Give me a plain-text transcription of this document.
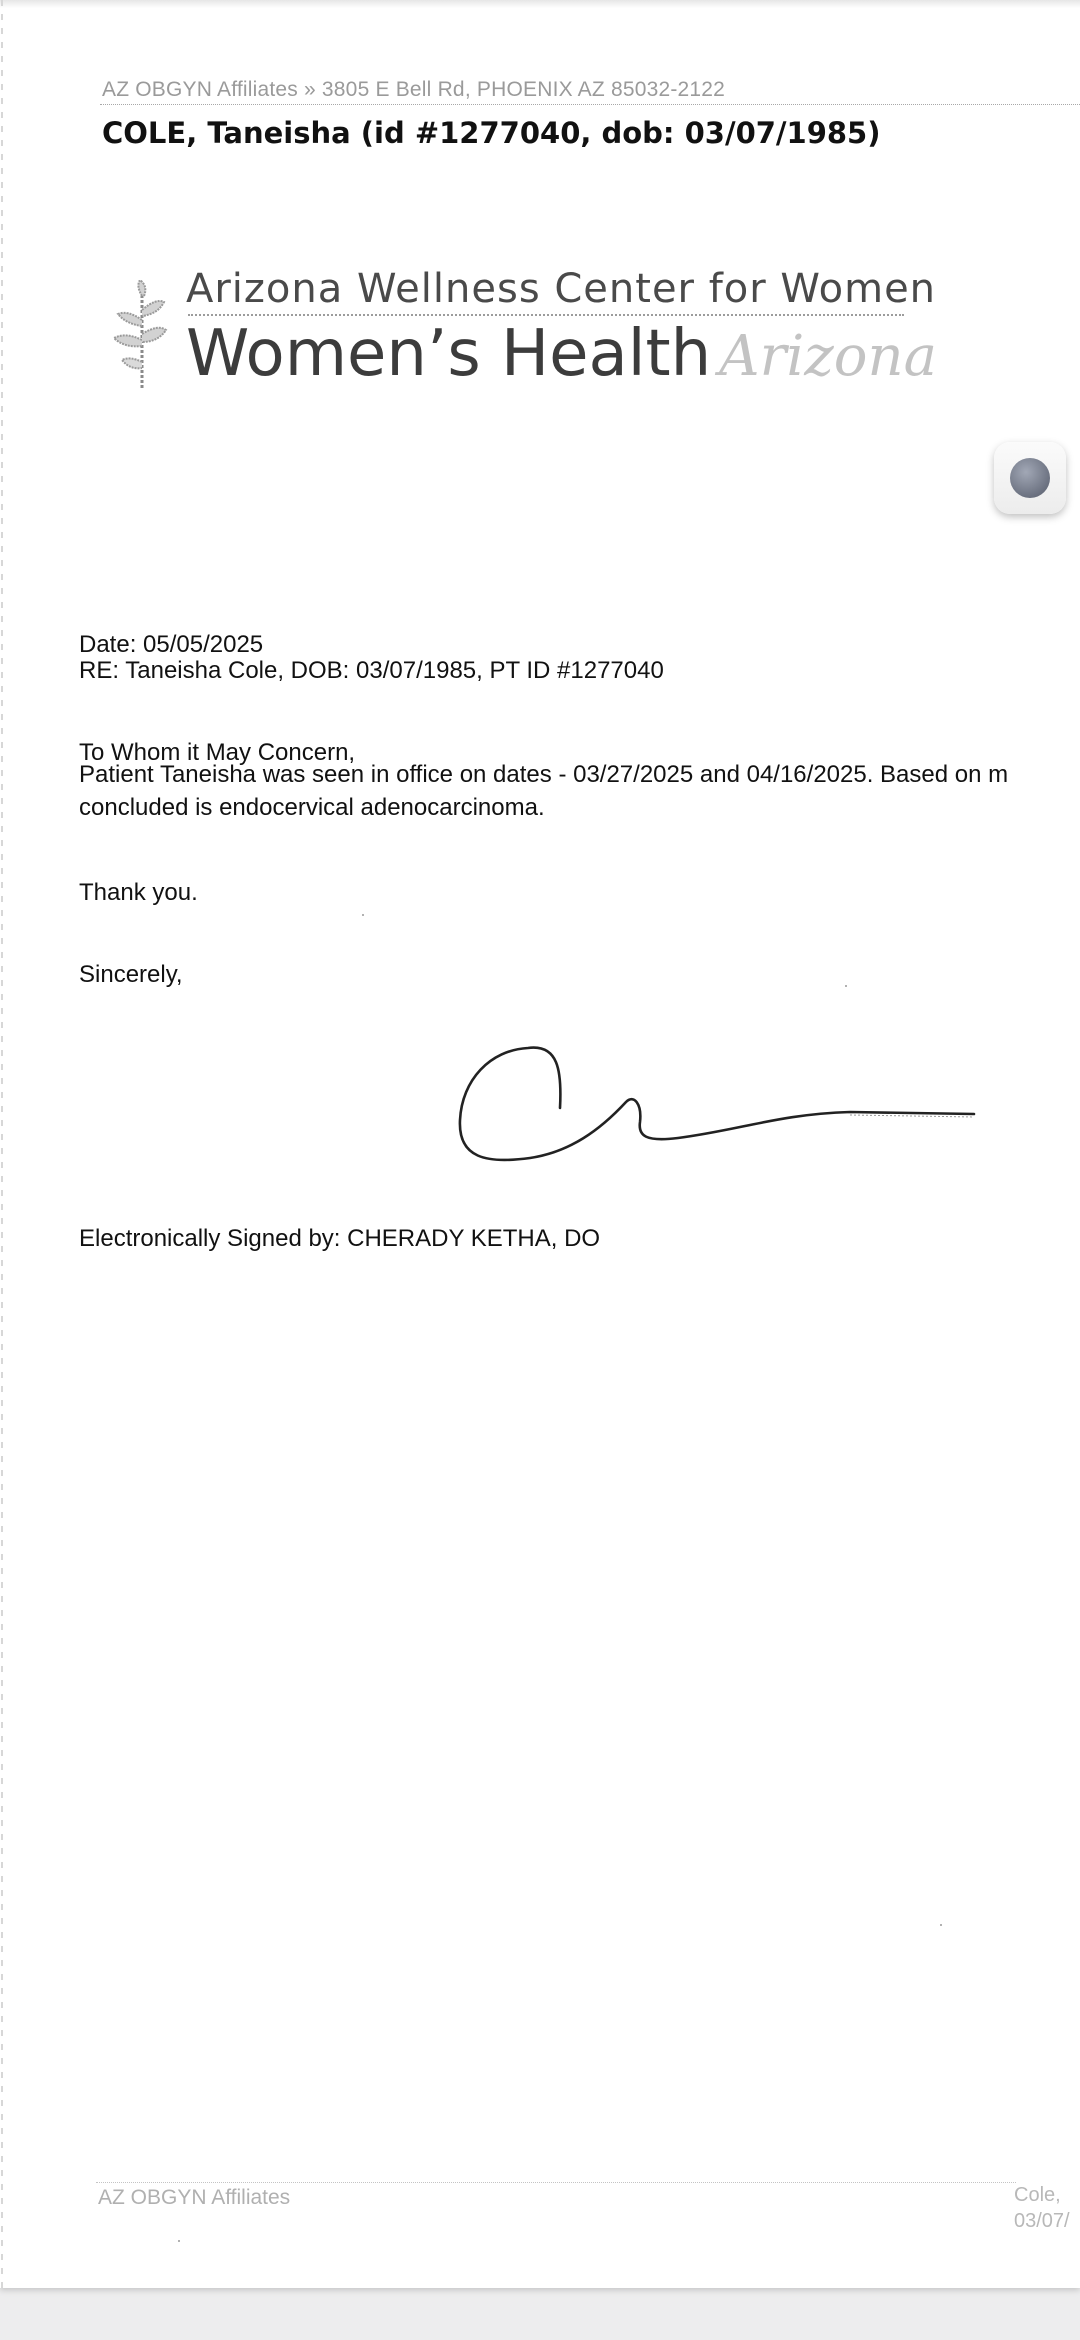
AZ OBGYN Affiliates » 3805 E Bell Rd, PHOENIX AZ 85032-2122
COLE, Taneisha (id #1277040, dob: 03/07/1985)
Arizona Wellness Center for Women
Women’s Health Arizona
Date: 05/05/2025
RE: Taneisha Cole, DOB: 03/07/1985, PT ID #1277040
To Whom it May Concern,
Patient Taneisha was seen in office on dates - 03/27/2025 and 04/16/2025. Based on m
concluded is endocervical adenocarcinoma.
Thank you.
Sincerely,
Electronically Signed by: CHERADY KETHA, DO
AZ OBGYN Affiliates	Cole,
03/07/
